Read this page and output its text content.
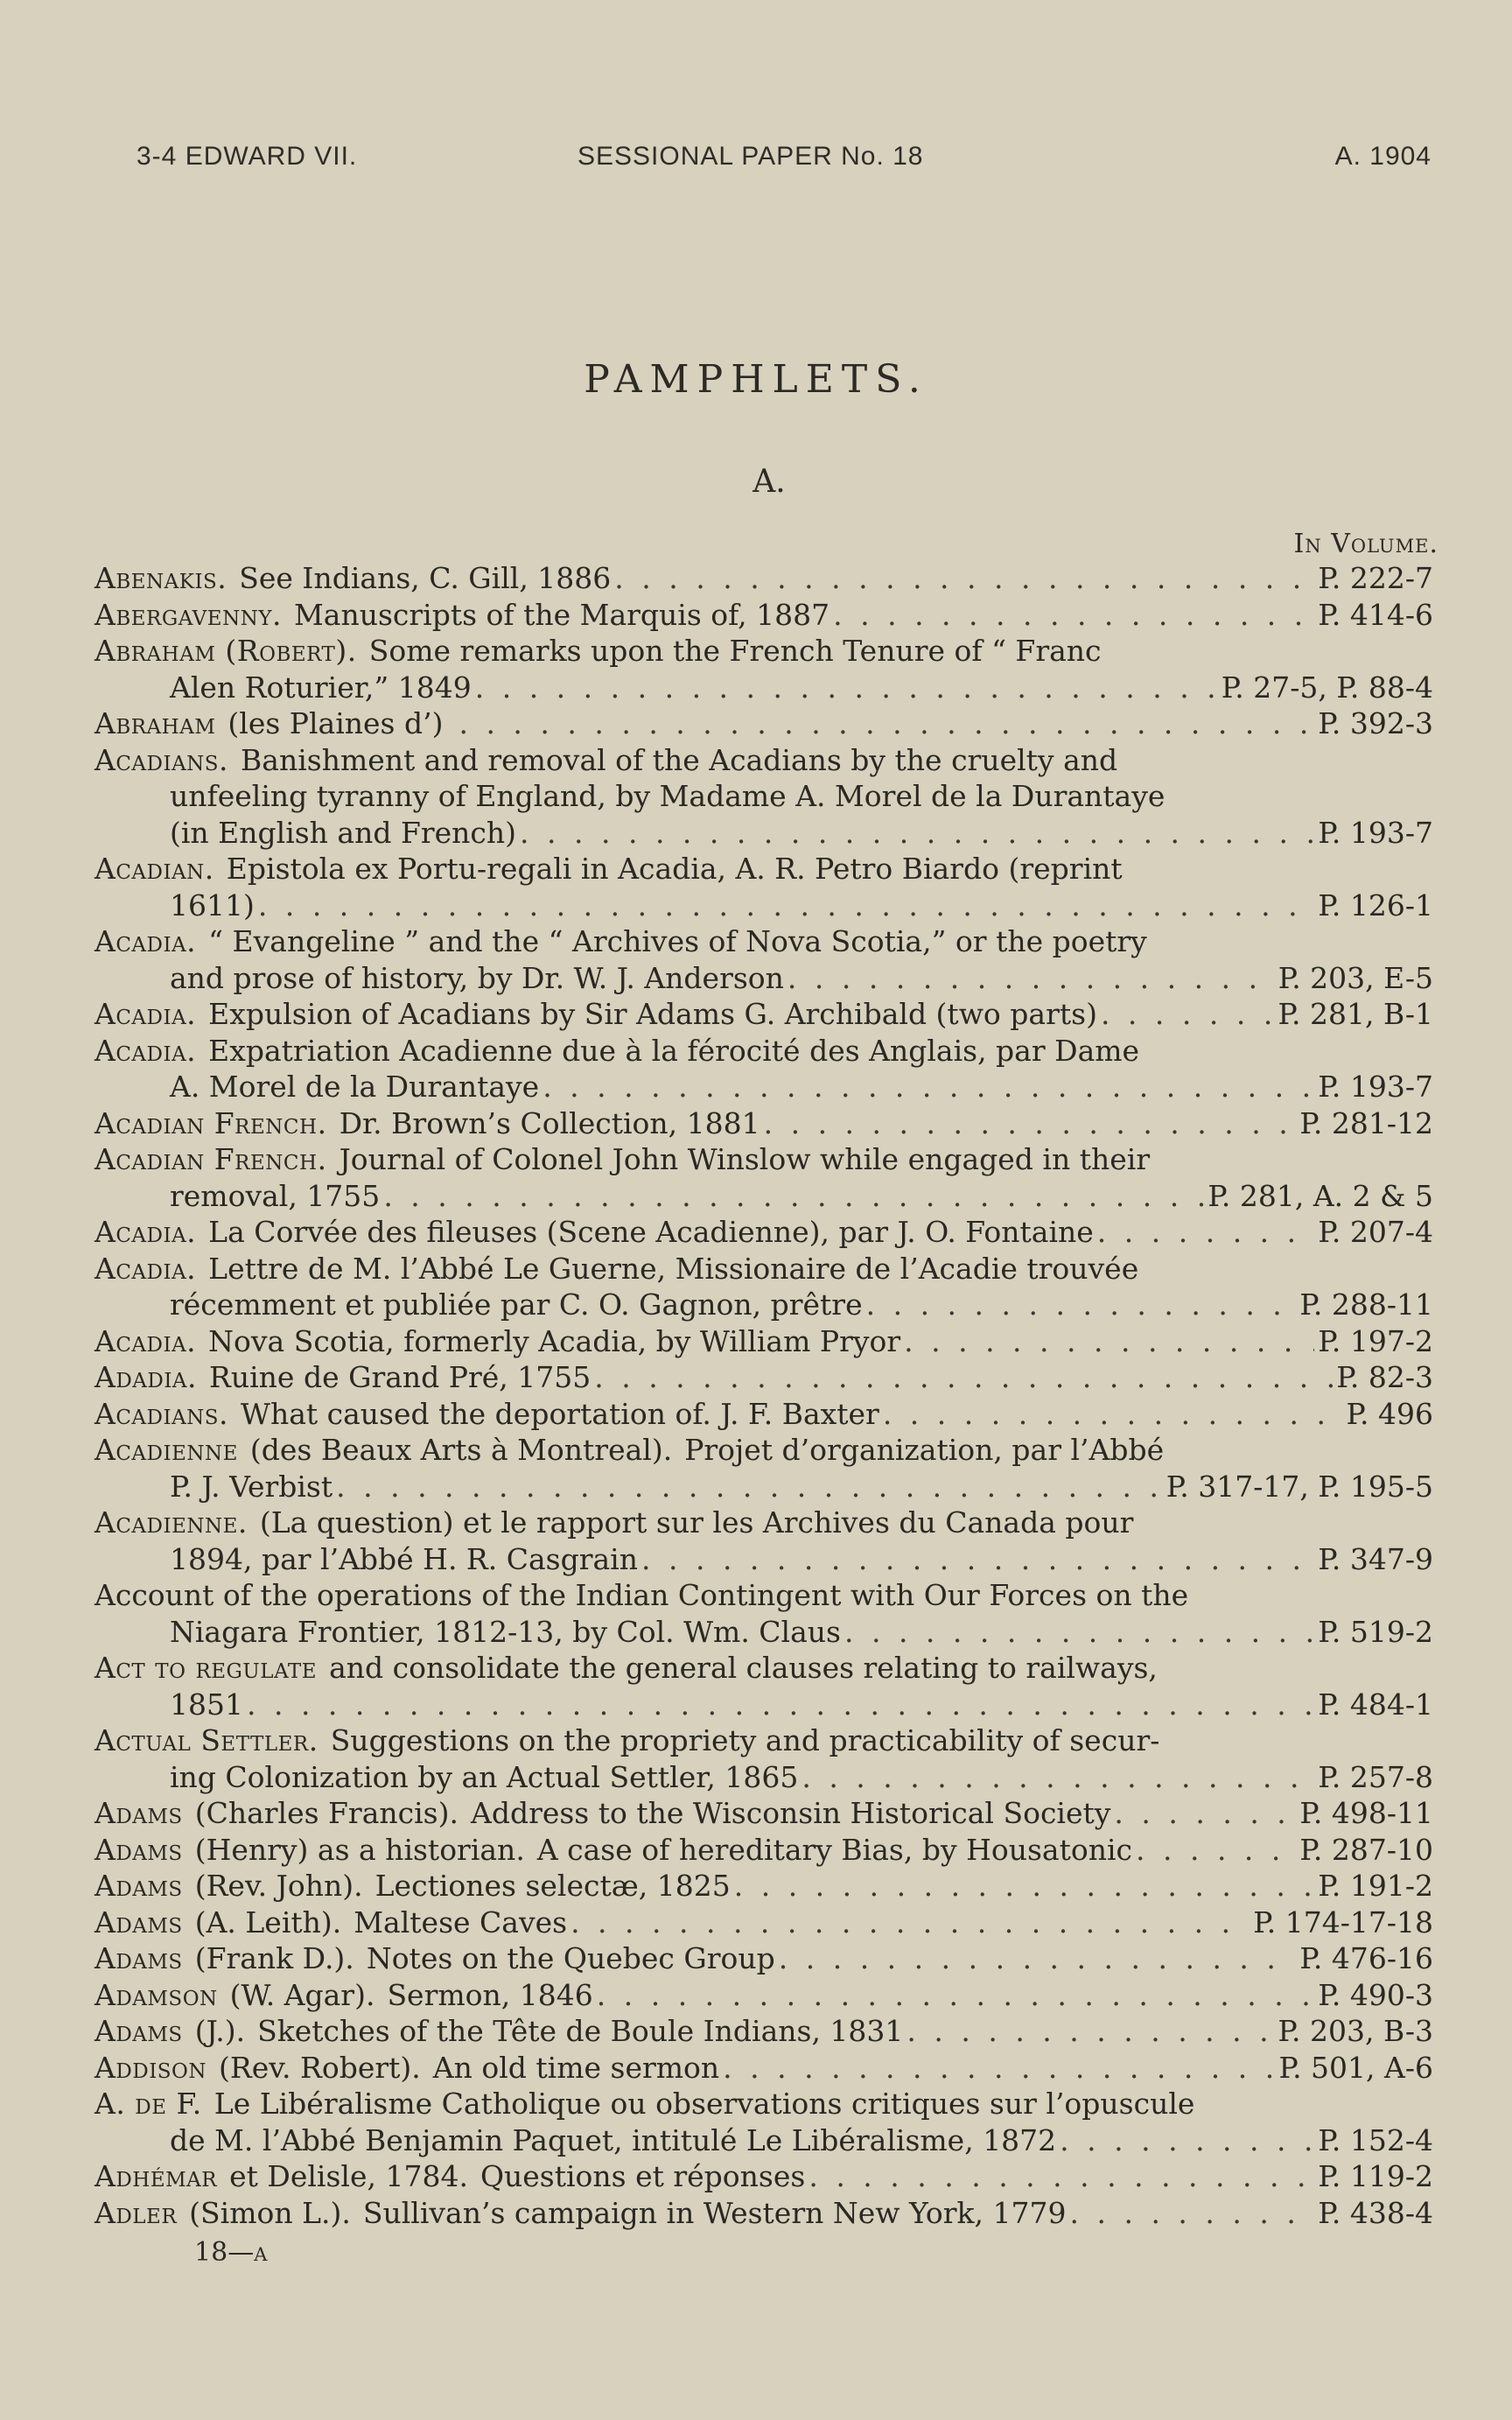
3-4 EDWARD VII.	SESSIONAL PAPER No. 18	A. 1904
PAMPHLETS.
A.
In Volume.
Abenakis. See Indians, C. Gill, 1886 . . .	P. 222-7
Abergavenny. Manuscripts of the Marquis of, 1887 . . .	P. 414-6
Abraham (Robert). Some remarks upon the French Tenure of “ Franc
Alen Roturier,” 1849 . . .	P. 27-5, P. 88-4
Abraham (les Plaines d’) . . .	P. 392-3
Acadians. Banishment and removal of the Acadians by the cruelty and
unfeeling tyranny of England, by Madame A. Morel de la Durantaye
(in English and French) . . .	P. 193-7
Acadian. Epistola ex Portu-regali in Acadia, A. R. Petro Biardo (reprint
1611) . . .	P. 126-1
Acadia. “ Evangeline ” and the “ Archives of Nova Scotia,” or the poetry
and prose of history, by Dr. W. J. Anderson . . .	P. 203, E-5
Acadia. Expulsion of Acadians by Sir Adams G. Archibald (two parts) . . .	P. 281, B-1
Acadia. Expatriation Acadienne due à la férocité des Anglais, par Dame
A. Morel de la Durantaye . . .	P. 193-7
Acadian French. Dr. Brown’s Collection, 1881 . . .	P. 281-12
Acadian French. Journal of Colonel John Winslow while engaged in their
removal, 1755 . . .	P. 281, A. 2 & 5
Acadia. La Corvée des fileuses (Scene Acadienne), par J. O. Fontaine . . .	P. 207-4
Acadia. Lettre de M. l’Abbé Le Guerne, Missionaire de l’Acadie trouvée
récemment et publiée par C. O. Gagnon, prêtre . . .	P. 288-11
Acadia. Nova Scotia, formerly Acadia, by William Pryor . . .	P. 197-2
Adadia. Ruine de Grand Pré, 1755 . . .	P. 82-3
Acadians. What caused the deportation of. J. F. Baxter . . .	P. 496
Acadienne (des Beaux Arts à Montreal). Projet d’organization, par l’Abbé
P. J. Verbist . . .	P. 317-17, P. 195-5
Acadienne. (La question) et le rapport sur les Archives du Canada pour
1894, par l’Abbé H. R. Casgrain . . .	P. 347-9
Account of the operations of the Indian Contingent with Our Forces on the
Niagara Frontier, 1812-13, by Col. Wm. Claus . . .	P. 519-2
Act to regulate and consolidate the general clauses relating to railways,
1851 . . .	P. 484-1
Actual Settler. Suggestions on the propriety and practicability of secur-
ing Colonization by an Actual Settler, 1865 . . .	P. 257-8
Adams (Charles Francis). Address to the Wisconsin Historical Society . . .	P. 498-11
Adams (Henry) as a historian. A case of hereditary Bias, by Housatonic . . .	P. 287-10
Adams (Rev. John). Lectiones selectæ, 1825 . . .	P. 191-2
Adams (A. Leith). Maltese Caves . . .	P. 174-17-18
Adams (Frank D.). Notes on the Quebec Group . . .	P. 476-16
Adamson (W. Agar). Sermon, 1846 . . .	P. 490-3
Adams (J.). Sketches of the Tête de Boule Indians, 1831 . . .	P. 203, B-3
Addison (Rev. Robert). An old time sermon . . .	P. 501, A-6
A. de F. Le Libéralisme Catholique ou observations critiques sur l’opuscule
de M. l’Abbé Benjamin Paquet, intitulé Le Libéralisme, 1872 . . .	P. 152-4
Adhémar et Delisle, 1784. Questions et réponses . . .	P. 119-2
Adler (Simon L.). Sullivan’s campaign in Western New York, 1779 . . .	P. 438-4
18—a
